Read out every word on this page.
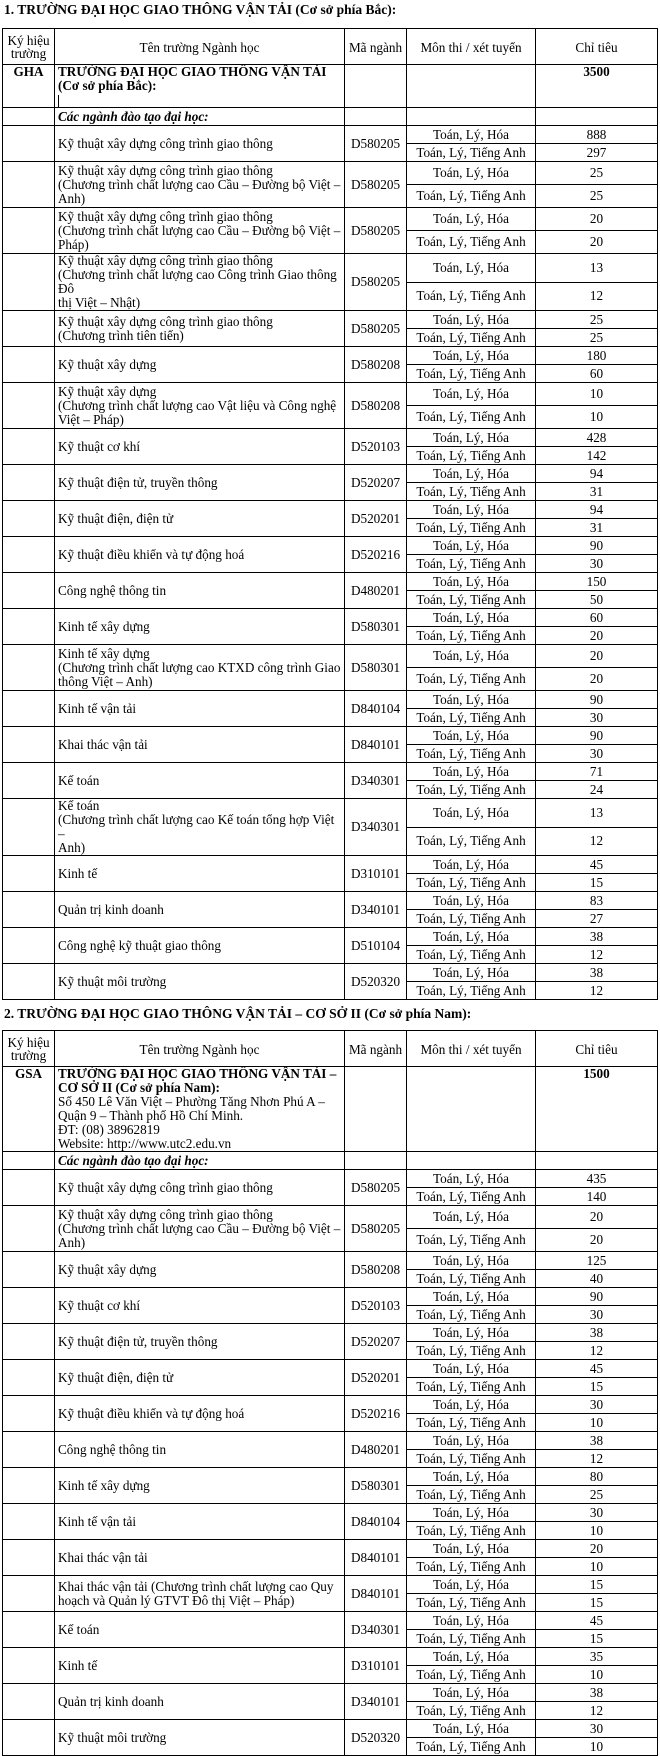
1. TRƯỜNG ĐẠI HỌC GIAO THÔNG VẬN TẢI (Cơ sở phía Bắc):
Ký hiệu trường	Tên trường Ngành học	Mã ngành	Môn thi / xét tuyển	Chỉ tiêu
GHA	TRƯỜNG ĐẠI HỌC GIAO THÔNG VẬN TẢI (Cơ sở phía Bắc):			3500
	Các ngành đào tạo đại học:			
	Kỹ thuật xây dựng công trình giao thông	D580205	Toán, Lý, Hóa	888
			Toán, Lý, Tiếng Anh	297
	Kỹ thuật xây dựng công trình giao thông
(Chương trình chất lượng cao Cầu – Đường bộ Việt –
Anh)	D580205	Toán, Lý, Hóa	25
			Toán, Lý, Tiếng Anh	25
	Kỹ thuật xây dựng công trình giao thông
(Chương trình chất lượng cao Cầu – Đường bộ Việt –
Pháp)	D580205	Toán, Lý, Hóa	20
			Toán, Lý, Tiếng Anh	20
	Kỹ thuật xây dựng công trình giao thông
(Chương trình chất lượng cao Công trình Giao thông Đô
thị Việt – Nhật)	D580205	Toán, Lý, Hóa	13
			Toán, Lý, Tiếng Anh	12
	Kỹ thuật xây dựng công trình giao thông
(Chương trình tiên tiến)	D580205	Toán, Lý, Hóa	25
			Toán, Lý, Tiếng Anh	25
	Kỹ thuật xây dựng	D580208	Toán, Lý, Hóa	180
			Toán, Lý, Tiếng Anh	60
	Kỹ thuật xây dựng
(Chương trình chất lượng cao Vật liệu và Công nghệ
Việt – Pháp)	D580208	Toán, Lý, Hóa	10
			Toán, Lý, Tiếng Anh	10
	Kỹ thuật cơ khí	D520103	Toán, Lý, Hóa	428
			Toán, Lý, Tiếng Anh	142
	Kỹ thuật điện tử, truyền thông	D520207	Toán, Lý, Hóa	94
			Toán, Lý, Tiếng Anh	31
	Kỹ thuật điện, điện tử	D520201	Toán, Lý, Hóa	94
			Toán, Lý, Tiếng Anh	31
	Kỹ thuật điều khiển và tự động hoá	D520216	Toán, Lý, Hóa	90
			Toán, Lý, Tiếng Anh	30
	Công nghệ thông tin	D480201	Toán, Lý, Hóa	150
			Toán, Lý, Tiếng Anh	50
	Kinh tế xây dựng	D580301	Toán, Lý, Hóa	60
			Toán, Lý, Tiếng Anh	20
	Kinh tế xây dựng
(Chương trình chất lượng cao KTXD công trình Giao
thông Việt – Anh)	D580301	Toán, Lý, Hóa	20
			Toán, Lý, Tiếng Anh	20
	Kinh tế vận tải	D840104	Toán, Lý, Hóa	90
			Toán, Lý, Tiếng Anh	30
	Khai thác vận tải	D840101	Toán, Lý, Hóa	90
			Toán, Lý, Tiếng Anh	30
	Kế toán	D340301	Toán, Lý, Hóa	71
			Toán, Lý, Tiếng Anh	24
	Kế toán
(Chương trình chất lượng cao Kế toán tổng hợp Việt –
Anh)	D340301	Toán, Lý, Hóa	13
			Toán, Lý, Tiếng Anh	12
	Kinh tế	D310101	Toán, Lý, Hóa	45
			Toán, Lý, Tiếng Anh	15
	Quản trị kinh doanh	D340101	Toán, Lý, Hóa	83
			Toán, Lý, Tiếng Anh	27
	Công nghệ kỹ thuật giao thông	D510104	Toán, Lý, Hóa	38
			Toán, Lý, Tiếng Anh	12
	Kỹ thuật môi trường	D520320	Toán, Lý, Hóa	38
			Toán, Lý, Tiếng Anh	12
2. TRƯỜNG ĐẠI HỌC GIAO THÔNG VẬN TẢI – CƠ SỞ II (Cơ sở phía Nam):
Ký hiệu trường	Tên trường Ngành học	Mã ngành	Môn thi / xét tuyển	Chỉ tiêu
GSA	TRƯỜNG ĐẠI HỌC GIAO THÔNG VẬN TẢI – CƠ SỞ II (Cơ sở phía Nam):
Số 450 Lê Văn Việt – Phường Tăng Nhơn Phú A –
Quận 9 – Thành phố Hồ Chí Minh.
ĐT: (08) 38962819
Website: http://www.utc2.edu.vn			1500
	Các ngành đào tạo đại học:			
	Kỹ thuật xây dựng công trình giao thông	D580205	Toán, Lý, Hóa	435
			Toán, Lý, Tiếng Anh	140
	Kỹ thuật xây dựng công trình giao thông
(Chương trình chất lượng cao Cầu – Đường bộ Việt –
Anh)	D580205	Toán, Lý, Hóa	20
			Toán, Lý, Tiếng Anh	20
	Kỹ thuật xây dựng	D580208	Toán, Lý, Hóa	125
			Toán, Lý, Tiếng Anh	40
	Kỹ thuật cơ khí	D520103	Toán, Lý, Hóa	90
			Toán, Lý, Tiếng Anh	30
	Kỹ thuật điện tử, truyền thông	D520207	Toán, Lý, Hóa	38
			Toán, Lý, Tiếng Anh	12
	Kỹ thuật điện, điện tử	D520201	Toán, Lý, Hóa	45
			Toán, Lý, Tiếng Anh	15
	Kỹ thuật điều khiển và tự động hoá	D520216	Toán, Lý, Hóa	30
			Toán, Lý, Tiếng Anh	10
	Công nghệ thông tin	D480201	Toán, Lý, Hóa	38
			Toán, Lý, Tiếng Anh	12
	Kinh tế xây dựng	D580301	Toán, Lý, Hóa	80
			Toán, Lý, Tiếng Anh	25
	Kinh tế vận tải	D840104	Toán, Lý, Hóa	30
			Toán, Lý, Tiếng Anh	10
	Khai thác vận tải	D840101	Toán, Lý, Hóa	20
			Toán, Lý, Tiếng Anh	10
	Khai thác vận tải (Chương trình chất lượng cao Quy
hoạch và Quản lý GTVT Đô thị Việt – Pháp)	D840101	Toán, Lý, Hóa	15
			Toán, Lý, Tiếng Anh	15
	Kế toán	D340301	Toán, Lý, Hóa	45
			Toán, Lý, Tiếng Anh	15
	Kinh tế	D310101	Toán, Lý, Hóa	35
			Toán, Lý, Tiếng Anh	10
	Quản trị kinh doanh	D340101	Toán, Lý, Hóa	38
			Toán, Lý, Tiếng Anh	12
	Kỹ thuật môi trường	D520320	Toán, Lý, Hóa	30
			Toán, Lý, Tiếng Anh	10
